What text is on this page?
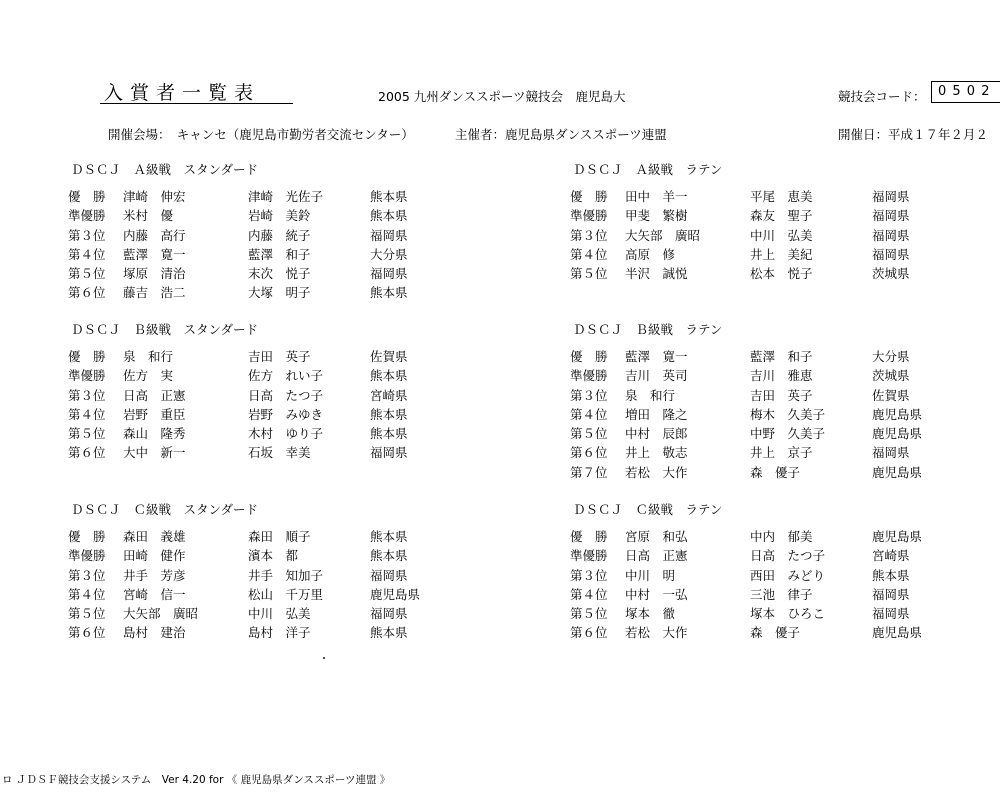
入賞者一覧表	2005 九州ダンススポーツ競技会　鹿児島大	競技会コード： 0 5 0 2
開催会場：　キャンセ（鹿児島市勤労者交流センター）	主催者：鹿児島県ダンススポーツ連盟	開催日：平成１７年２月２
ＤＳＣＪ　Ａ級戦　スタンダード
優　勝 津崎　伸宏	津崎　光佐子	熊本県
準優勝 米村　優	岩崎　美鈴	熊本県
第３位 内藤　高行	内藤　統子	福岡県
第４位 藍澤　寛一	藍澤　和子	大分県
第５位 塚原　清治	末次　悦子	福岡県
第６位 藤吉　浩二	大塚　明子	熊本県
ＤＳＣＪ　Ａ級戦　ラテン
優　勝 田中　羊一	平尾　恵美	福岡県
準優勝 甲斐　繁樹	森友　聖子	福岡県
第３位 大矢部　廣昭	中川　弘美	福岡県
第４位 高原　修	井上　美紀	福岡県
第５位 半沢　誠悦	松本　悦子	茨城県
ＤＳＣＪ　Ｂ級戦　スタンダード
優　勝 泉　和行	吉田　英子	佐賀県
準優勝 佐方　実	佐方　れい子	熊本県
第３位 日高　正憲	日高　たつ子	宮崎県
第４位 岩野　重臣	岩野　みゆき	熊本県
第５位 森山　隆秀	木村　ゆり子	熊本県
第６位 大中　新一	石坂　幸美	福岡県
ＤＳＣＪ　Ｂ級戦　ラテン
優　勝 藍澤　寛一	藍澤　和子	大分県
準優勝 吉川　英司	吉川　雅恵	茨城県
第３位 泉　和行	吉田　英子	佐賀県
第４位 増田　隆之	梅木　久美子	鹿児島県
第５位 中村　辰郎	中野　久美子	鹿児島県
第６位 井上　敬志	井上　京子	福岡県
第７位 若松　大作	森　優子	鹿児島県
ＤＳＣＪ　Ｃ級戦　スタンダード
優　勝 森田　義雄	森田　順子	熊本県
準優勝 田崎　健作	濱本　都	熊本県
第３位 井手　芳彦	井手　知加子	福岡県
第４位 宮崎　信一	松山　千万里	鹿児島県
第５位 大矢部　廣昭	中川　弘美	福岡県
第６位 島村　建治	島村　洋子	熊本県
ＤＳＣＪ　Ｃ級戦　ラテン
優　勝 宮原　和弘	中内　郁美	鹿児島県
準優勝 日高　正憲	日高　たつ子	宮崎県
第３位 中川　明	西田　みどり	熊本県
第４位 中村　一弘	三池　律子	福岡県
第５位 塚本　徹	塚本　ひろこ	福岡県
第６位 若松　大作	森　優子	鹿児島県
ロ ＪＤＳＦ競技会支援システム　Ver 4.20 for 《 鹿児島県ダンススポーツ連盟 》
